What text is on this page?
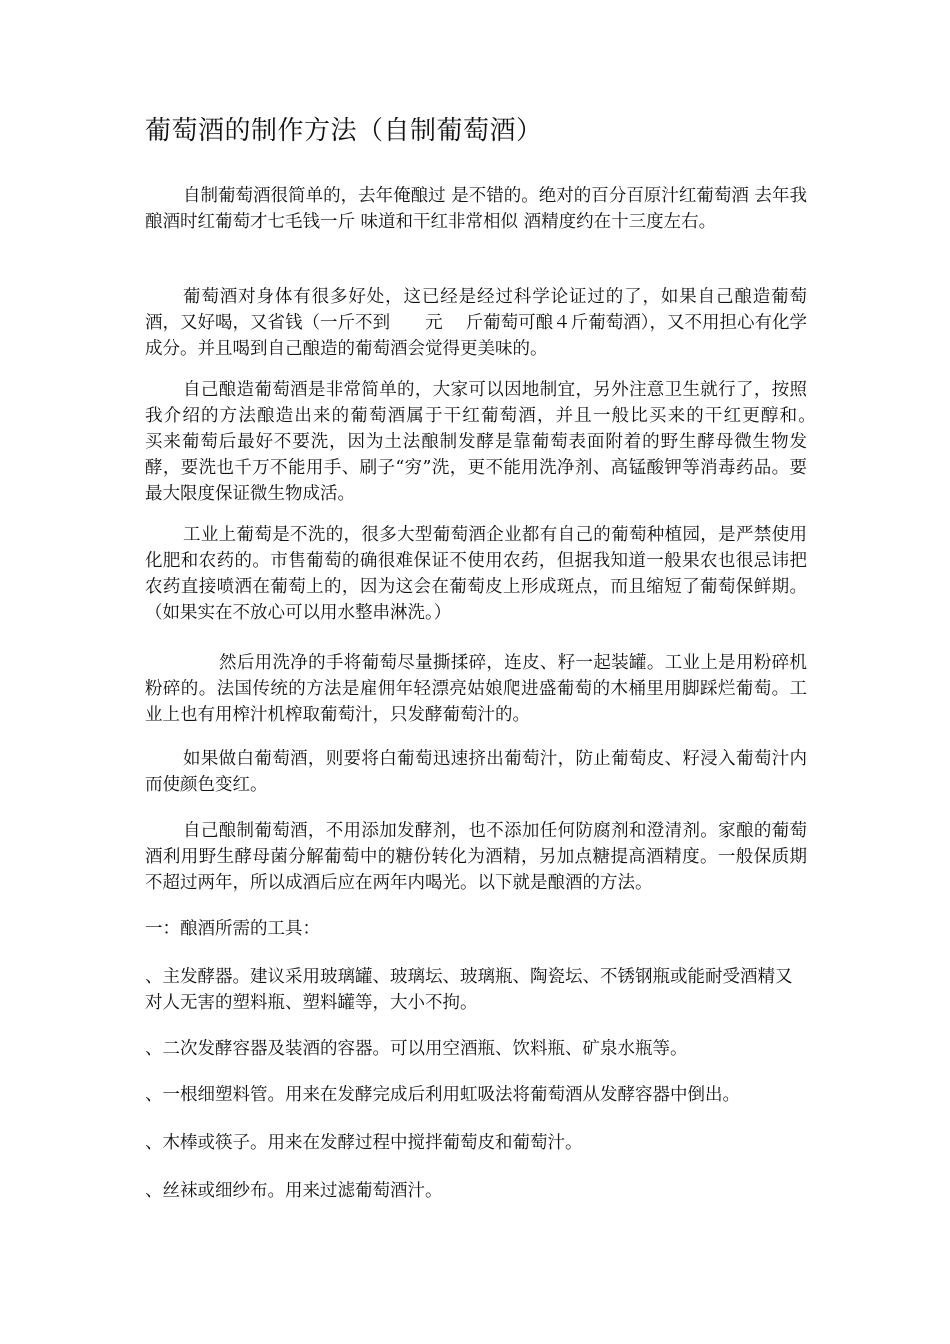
葡萄酒的制作方法（自制葡萄酒）

自制葡萄酒很简单的，去年俺酿过 是不错的。绝对的百分百原汁红葡萄酒 去年我酿酒时红葡萄才七毛钱一斤 味道和干红非常相似 酒精度约在十三度左右。

葡萄酒对身体有很多好处，这已经是经过科学论证过的了，如果自己酿造葡萄酒，又好喝，又省钱（一斤不到　　元　 斤葡萄可酿４斤葡萄酒），又不用担心有化学成分。并且喝到自己酿造的葡萄酒会觉得更美味的。

自己酿造葡萄酒是非常简单的，大家可以因地制宜，另外注意卫生就行了，按照我介绍的方法酿造出来的葡萄酒属于干红葡萄酒，并且一般比买来的干红更醇和。　　买来葡萄后最好不要洗，因为土法酿制发酵是靠葡萄表面附着的野生酵母微生物发酵，要洗也千万不能用手、刷子“穷”洗，更不能用洗净剂、高锰酸钾等消毒药品。要最大限度保证微生物成活。

工业上葡萄是不洗的，很多大型葡萄酒企业都有自己的葡萄种植园，是严禁使用化肥和农药的。市售葡萄的确很难保证不使用农药，但据我知道一般果农也很忌讳把农药直接喷洒在葡萄上的，因为这会在葡萄皮上形成斑点，而且缩短了葡萄保鲜期。（如果实在不放心可以用水整串淋洗。）

然后用洗净的手将葡萄尽量撕揉碎，连皮、籽一起装罐。工业上是用粉碎机粉碎的。法国传统的方法是雇佣年轻漂亮姑娘爬进盛葡萄的木桶里用脚踩烂葡萄。工业上也有用榨汁机榨取葡萄汁，只发酵葡萄汁的。

如果做白葡萄酒，则要将白葡萄迅速挤出葡萄汁，防止葡萄皮、籽浸入葡萄汁内而使颜色变红。

自己酿制葡萄酒，不用添加发酵剂，也不添加任何防腐剂和澄清剂。家酿的葡萄酒利用野生酵母菌分解葡萄中的糖份转化为酒精，另加点糖提高酒精度。一般保质期不超过两年，所以成酒后应在两年内喝光。以下就是酿酒的方法。

一：酿酒所需的工具：

、主发酵器。建议采用玻璃罐、玻璃坛、玻璃瓶、陶瓷坛、不锈钢瓶或能耐受酒精又对人无害的塑料瓶、塑料罐等，大小不拘。

、二次发酵容器及装酒的容器。可以用空酒瓶、饮料瓶、矿泉水瓶等。

、一根细塑料管。用来在发酵完成后利用虹吸法将葡萄酒从发酵容器中倒出。

、木棒或筷子。用来在发酵过程中搅拌葡萄皮和葡萄汁。

、丝袜或细纱布。用来过滤葡萄酒汁。
